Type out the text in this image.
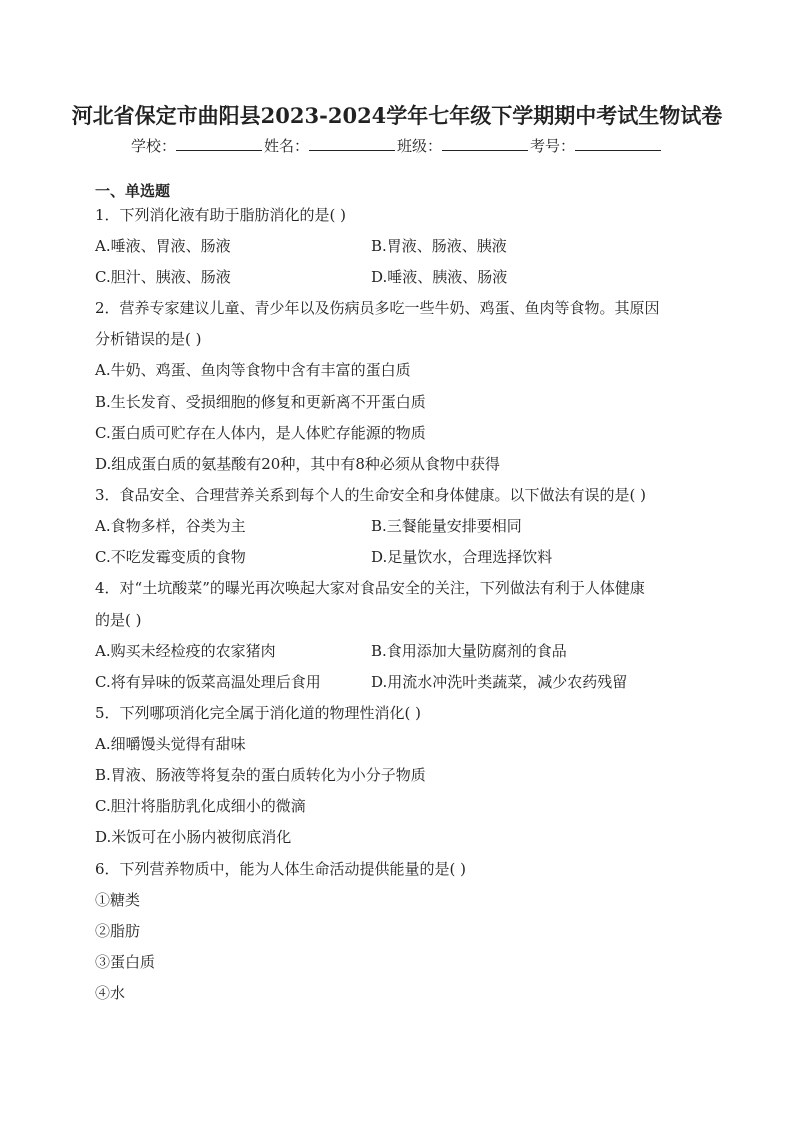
河北省保定市曲阳县2023-2024学年七年级下学期期中考试生物试卷
学校：	姓名：	班级：	考号：
一、单选题
1．下列消化液有助于脂肪消化的是( )
A.唾液、胃液、肠液	B.胃液、肠液、胰液
C.胆汁、胰液、肠液	D.唾液、胰液、肠液
2．营养专家建议儿童、青少年以及伤病员多吃一些牛奶、鸡蛋、鱼肉等食物。其原因
分析错误的是( )
A.牛奶、鸡蛋、鱼肉等食物中含有丰富的蛋白质
B.生长发育、受损细胞的修复和更新离不开蛋白质
C.蛋白质可贮存在人体内，是人体贮存能源的物质
D.组成蛋白质的氨基酸有20种，其中有8种必须从食物中获得
3．食品安全、合理营养关系到每个人的生命安全和身体健康。以下做法有误的是( )
A.食物多样，谷类为主	B.三餐能量安排要相同
C.不吃发霉变质的食物	D.足量饮水，合理选择饮料
4．对“土坑酸菜”的曝光再次唤起大家对食品安全的关注，下列做法有利于人体健康
的是( )
A.购买未经检疫的农家猪肉	B.食用添加大量防腐剂的食品
C.将有异味的饭菜高温处理后食用	D.用流水冲洗叶类蔬菜，减少农药残留
5．下列哪项消化完全属于消化道的物理性消化( )
A.细嚼馒头觉得有甜味
B.胃液、肠液等将复杂的蛋白质转化为小分子物质
C.胆汁将脂肪乳化成细小的微滴
D.米饭可在小肠内被彻底消化
6．下列营养物质中，能为人体生命活动提供能量的是( )
①糖类
②脂肪
③蛋白质
④水
